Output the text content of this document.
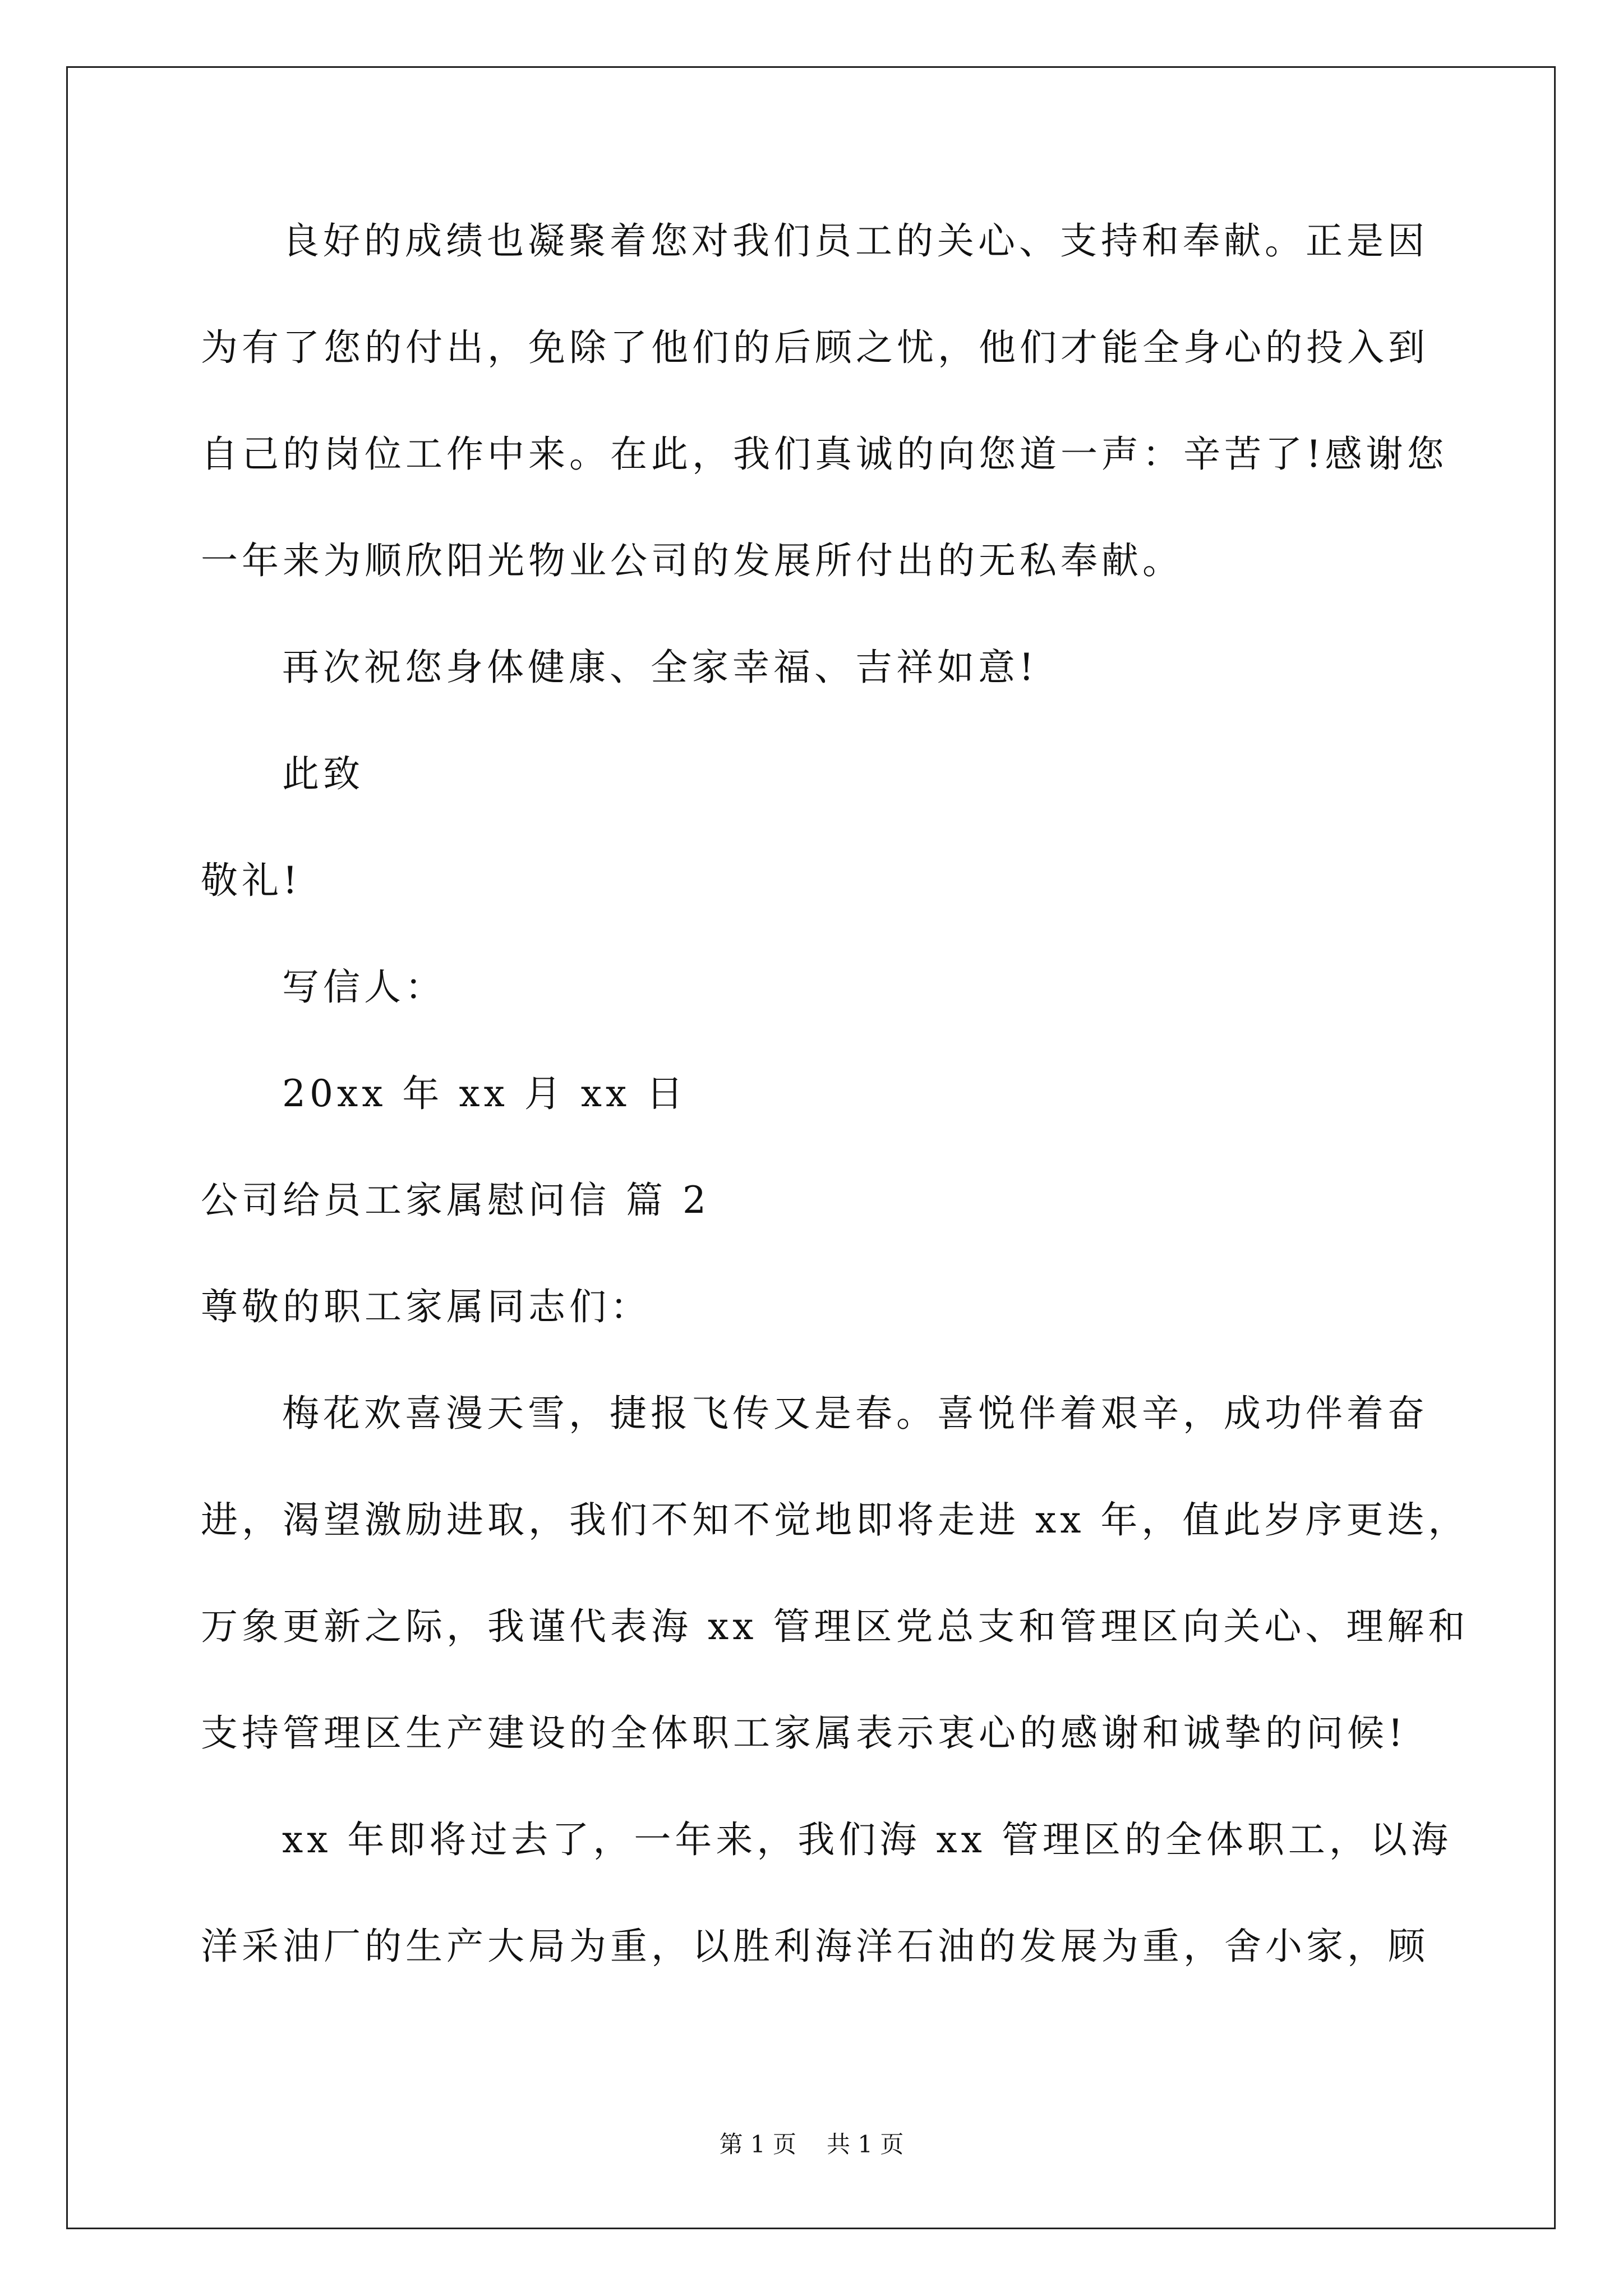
良好的成绩也凝聚着您对我们员工的关心、支持和奉献。正是因
为有了您的付出，免除了他们的后顾之忧，他们才能全身心的投入到
自己的岗位工作中来。在此，我们真诚的向您道一声：辛苦了!感谢您
一年来为顺欣阳光物业公司的发展所付出的无私奉献。
再次祝您身体健康、全家幸福、吉祥如意!
此致
敬礼!
写信人：
20xx 年 xx 月 xx 日
公司给员工家属慰问信 篇 2
尊敬的职工家属同志们：
梅花欢喜漫天雪，捷报飞传又是春。喜悦伴着艰辛，成功伴着奋
进，渴望激励进取，我们不知不觉地即将走进 xx 年，值此岁序更迭，
万象更新之际，我谨代表海 xx 管理区党总支和管理区向关心、理解和
支持管理区生产建设的全体职工家属表示衷心的感谢和诚挚的问候!
xx 年即将过去了，一年来，我们海 xx 管理区的全体职工，以海
洋采油厂的生产大局为重，以胜利海洋石油的发展为重，舍小家，顾
第 1 页 共 1 页
